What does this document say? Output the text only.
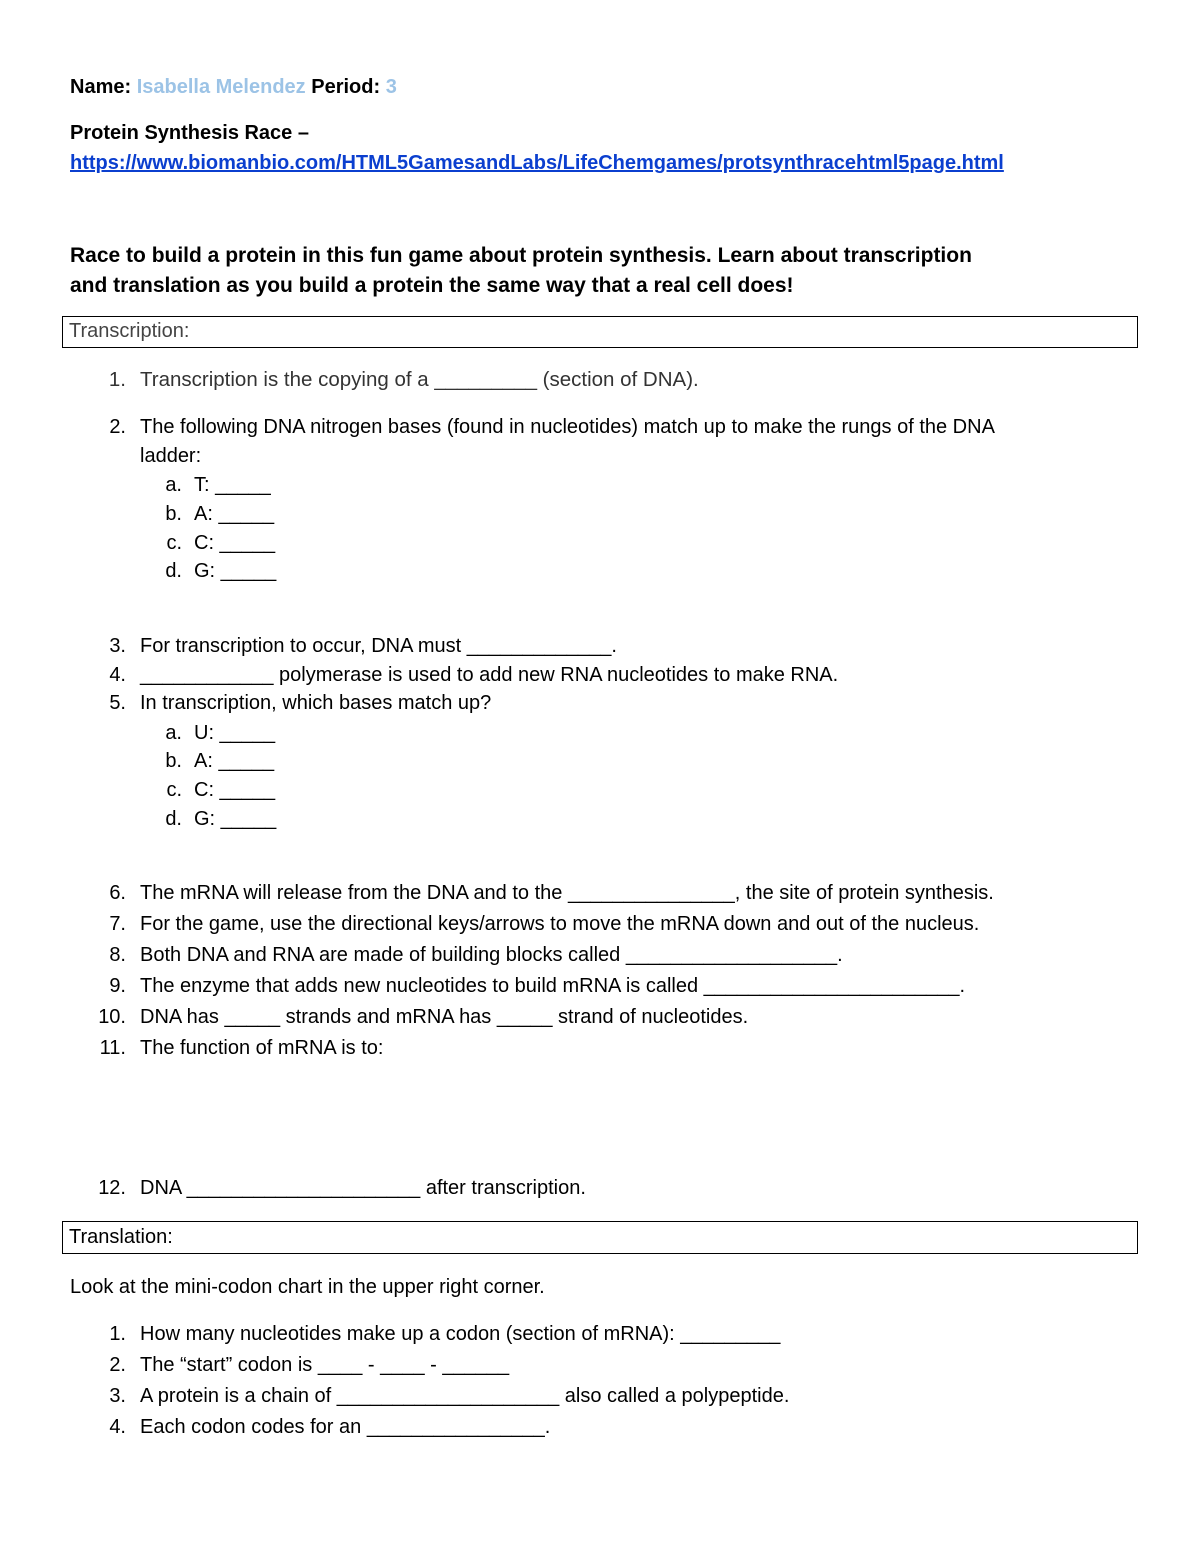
Name: Isabella Melendez Period: 3
Protein Synthesis Race –
https://www.biomanbio.com/HTML5GamesandLabs/LifeChemgames/protsynthracehtml5page.html
Race to build a protein in this fun game about protein synthesis. Learn about transcription
and translation as you build a protein the same way that a real cell does!
Transcription:
1. Transcription is the copying of a _________ (section of DNA).
2. The following DNA nitrogen bases (found in nucleotides) match up to make the rungs of the DNA
ladder:
a. T: _____
b. A: _____
c. C: _____
d. G: _____
3. For transcription to occur, DNA must _____________.
4. ____________ polymerase is used to add new RNA nucleotides to make RNA.
5. In transcription, which bases match up?
a. U: _____
b. A: _____
c. C: _____
d. G: _____
6. The mRNA will release from the DNA and to the _______________, the site of protein synthesis.
7. For the game, use the directional keys/arrows to move the mRNA down and out of the nucleus.
8. Both DNA and RNA are made of building blocks called ___________________.
9. The enzyme that adds new nucleotides to build mRNA is called _______________________.
10. DNA has _____ strands and mRNA has _____ strand of nucleotides.
11. The function of mRNA is to:
12. DNA _____________________ after transcription.
Translation:
Look at the mini-codon chart in the upper right corner.
1. How many nucleotides make up a codon (section of mRNA): _________
2. The “start” codon is ____ - ____ - ______
3. A protein is a chain of ____________________ also called a polypeptide.
4. Each codon codes for an ________________.
